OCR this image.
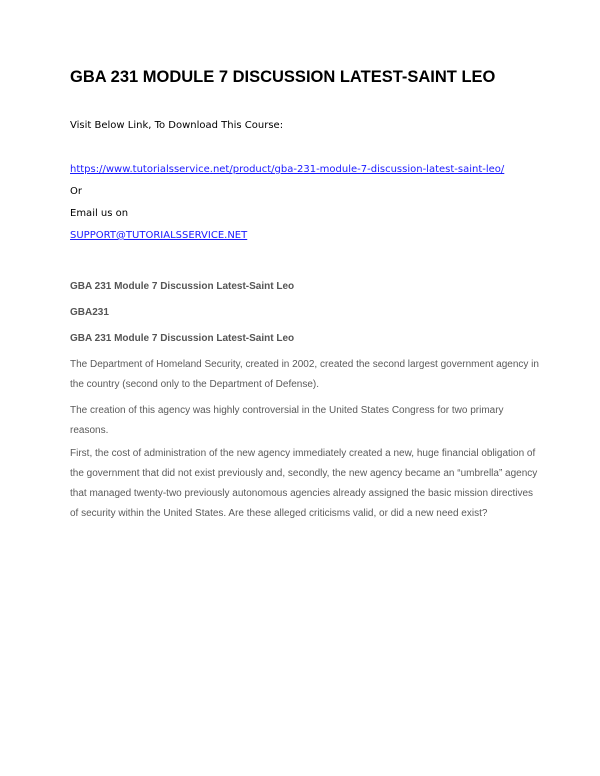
GBA 231 MODULE 7 DISCUSSION LATEST-SAINT LEO
Visit Below Link, To Download This Course:
https://www.tutorialsservice.net/product/gba-231-module-7-discussion-latest-saint-leo/
Or
Email us on
SUPPORT@TUTORIALSSERVICE.NET
GBA 231 Module 7 Discussion Latest-Saint Leo
GBA231
GBA 231 Module 7 Discussion Latest-Saint Leo

The Department of Homeland Security, created in 2002, created the second largest government agency in the country (second only to the Department of Defense).

The creation of this agency was highly controversial in the United States Congress for two primary reasons.

First, the cost of administration of the new agency immediately created a new, huge financial obligation of the government that did not exist previously and, secondly, the new agency became an “umbrella” agency that managed twenty-two previously autonomous agencies already assigned the basic mission directives of security within the United States. Are these alleged criticisms valid, or did a new need exist?
